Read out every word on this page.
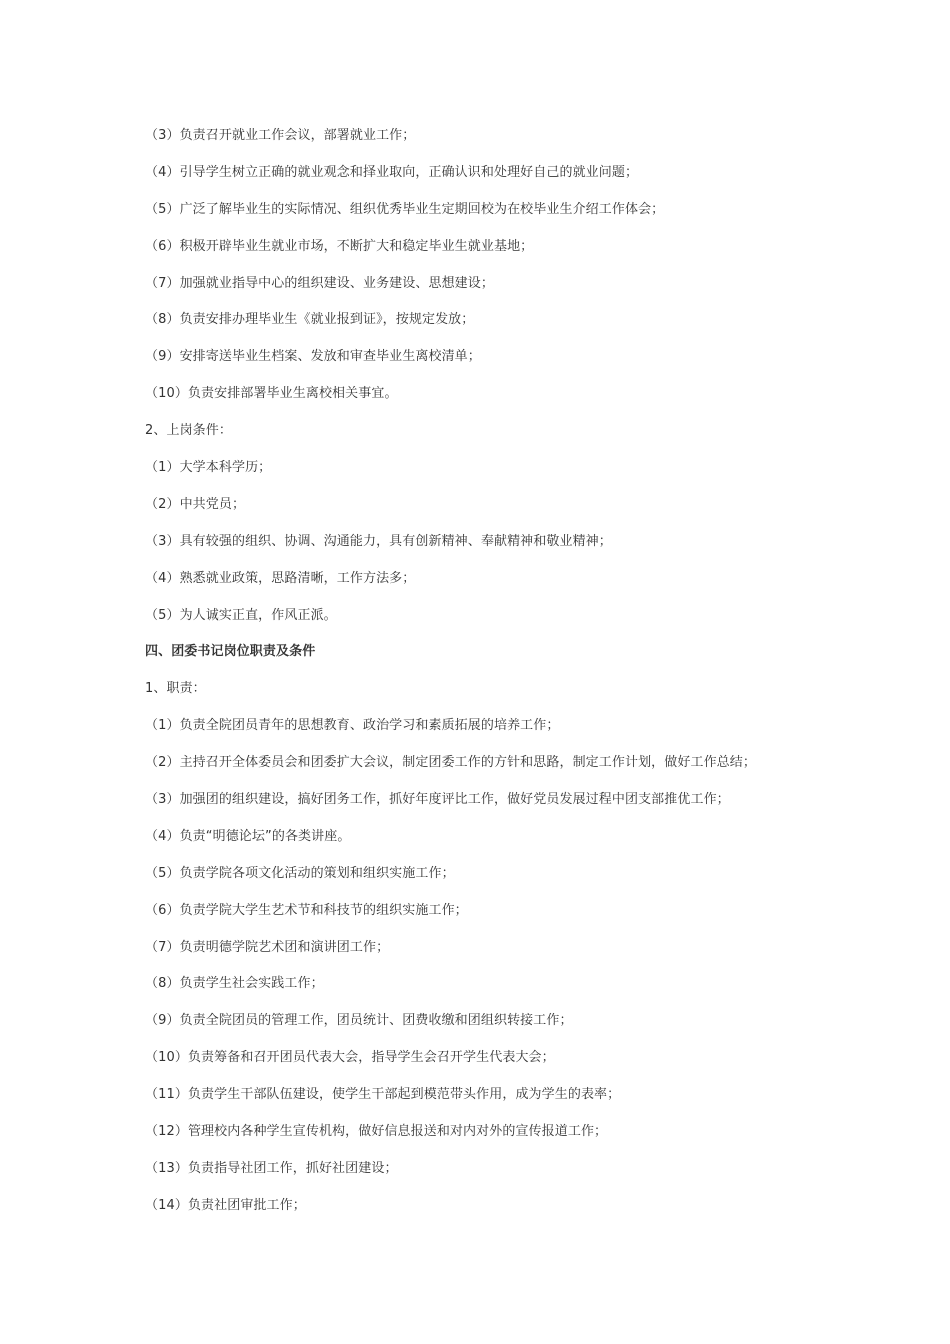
（3）负责召开就业工作会议，部署就业工作；
（4）引导学生树立正确的就业观念和择业取向，正确认识和处理好自己的就业问题；
（5）广泛了解毕业生的实际情况、组织优秀毕业生定期回校为在校毕业生介绍工作体会；
（6）积极开辟毕业生就业市场，不断扩大和稳定毕业生就业基地；
（7）加强就业指导中心的组织建设、业务建设、思想建设；
（8）负责安排办理毕业生《就业报到证》，按规定发放；
（9）安排寄送毕业生档案、发放和审查毕业生离校清单；
（10）负责安排部署毕业生离校相关事宜。
2、上岗条件：
（1）大学本科学历；
（2）中共党员；
（3）具有较强的组织、协调、沟通能力，具有创新精神、奉献精神和敬业精神；
（4）熟悉就业政策，思路清晰，工作方法多；
（5）为人诚实正直，作风正派。
四、团委书记岗位职责及条件
1、职责：
（1）负责全院团员青年的思想教育、政治学习和素质拓展的培养工作；
（2）主持召开全体委员会和团委扩大会议，制定团委工作的方针和思路，制定工作计划，做好工作总结；
（3）加强团的组织建设，搞好团务工作，抓好年度评比工作，做好党员发展过程中团支部推优工作；
（4）负责“明德论坛”的各类讲座。
（5）负责学院各项文化活动的策划和组织实施工作；
（6）负责学院大学生艺术节和科技节的组织实施工作；
（7）负责明德学院艺术团和演讲团工作；
（8）负责学生社会实践工作；
（9）负责全院团员的管理工作，团员统计、团费收缴和团组织转接工作；
（10）负责筹备和召开团员代表大会，指导学生会召开学生代表大会；
（11）负责学生干部队伍建设，使学生干部起到模范带头作用，成为学生的表率；
（12）管理校内各种学生宣传机构，做好信息报送和对内对外的宣传报道工作；
（13）负责指导社团工作，抓好社团建设；
（14）负责社团审批工作；
